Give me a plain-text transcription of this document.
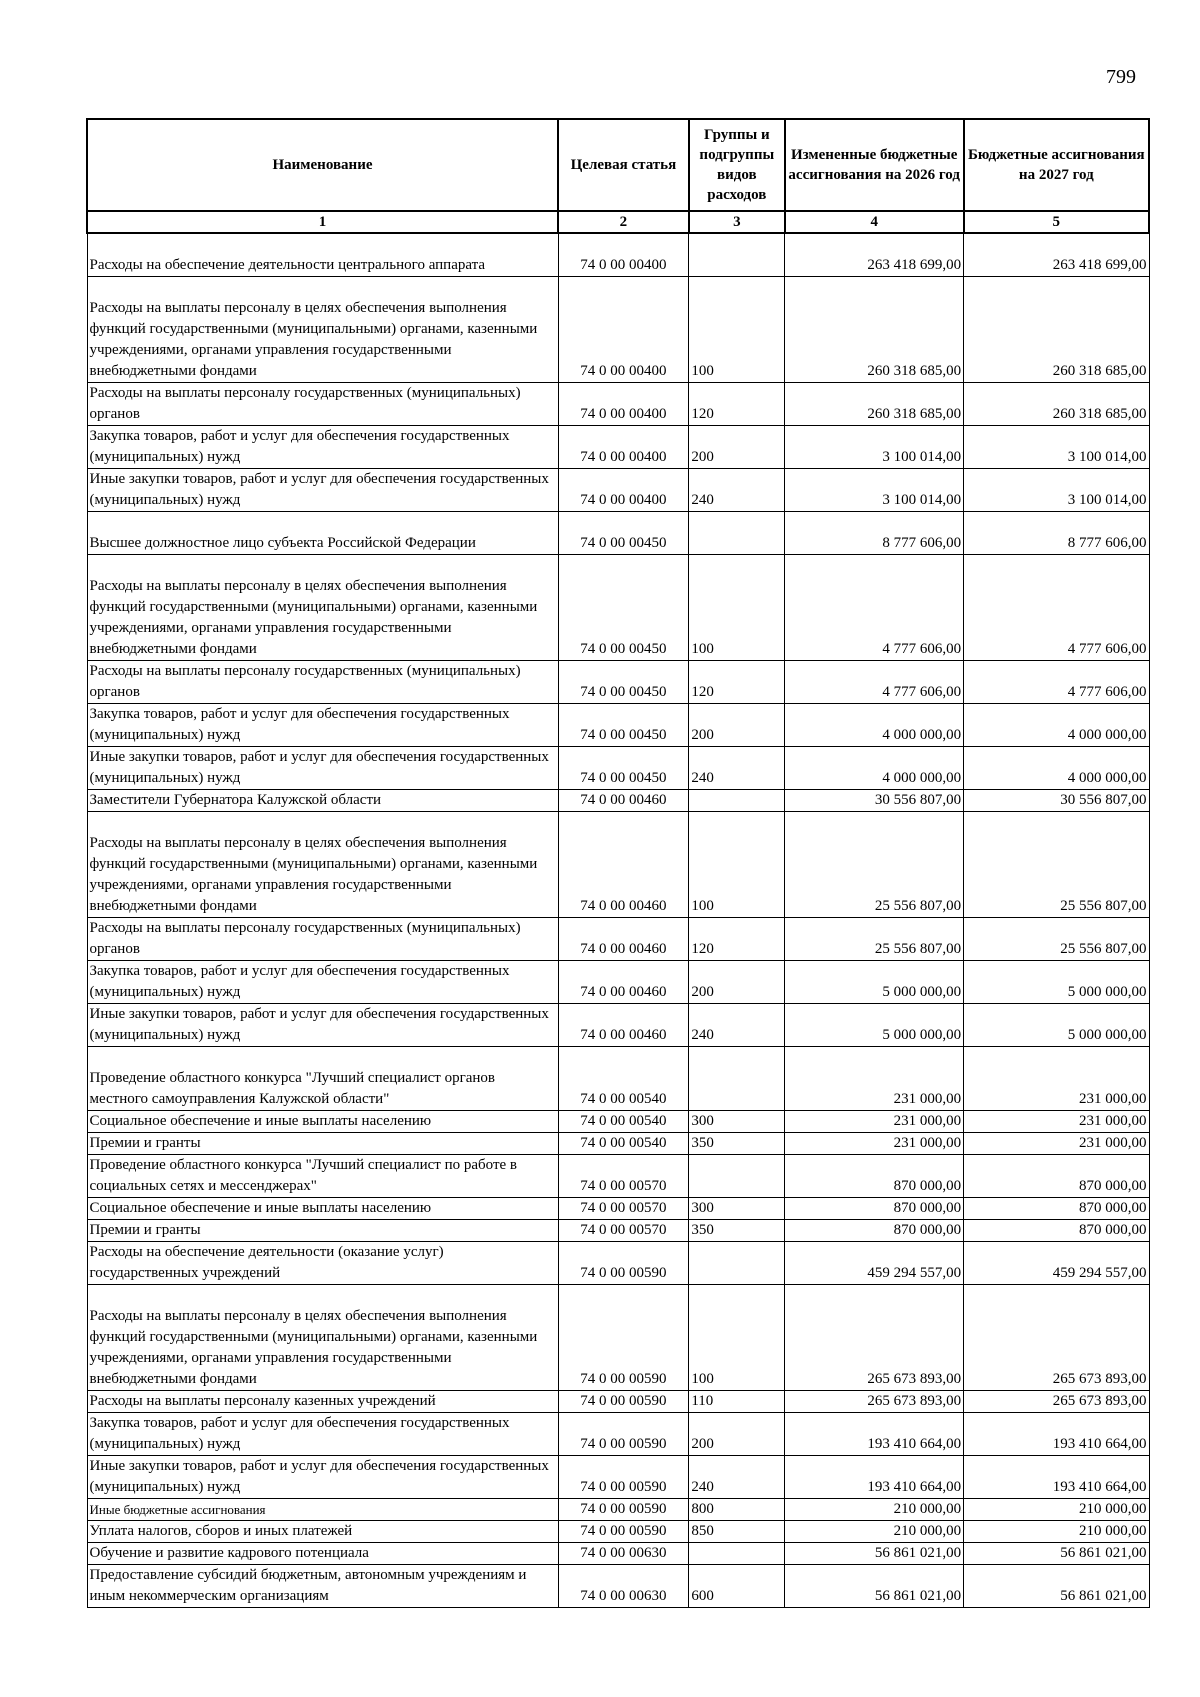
799
Наименование	Целевая статья	Группы и подгруппы видов расходов	Измененные бюджетные ассигнования на 2026 год	Бюджетные ассигнования на 2027 год
1	2	3	4	5
Расходы на обеспечение деятельности центрального аппарата	74 0 00 00400		263 418 699,00	263 418 699,00
Расходы на выплаты персоналу в целях обеспечения выполнения функций государственными (муниципальными) органами, казенными учреждениями, органами управления государственными внебюджетными фондами	74 0 00 00400	100	260 318 685,00	260 318 685,00
Расходы на выплаты персоналу государственных (муниципальных) органов	74 0 00 00400	120	260 318 685,00	260 318 685,00
Закупка товаров, работ и услуг для обеспечения государственных (муниципальных) нужд	74 0 00 00400	200	3 100 014,00	3 100 014,00
Иные закупки товаров, работ и услуг для обеспечения государственных (муниципальных) нужд	74 0 00 00400	240	3 100 014,00	3 100 014,00
Высшее должностное лицо субъекта Российской Федерации	74 0 00 00450		8 777 606,00	8 777 606,00
Расходы на выплаты персоналу в целях обеспечения выполнения функций государственными (муниципальными) органами, казенными учреждениями, органами управления государственными внебюджетными фондами	74 0 00 00450	100	4 777 606,00	4 777 606,00
Расходы на выплаты персоналу государственных (муниципальных) органов	74 0 00 00450	120	4 777 606,00	4 777 606,00
Закупка товаров, работ и услуг для обеспечения государственных (муниципальных) нужд	74 0 00 00450	200	4 000 000,00	4 000 000,00
Иные закупки товаров, работ и услуг для обеспечения государственных (муниципальных) нужд	74 0 00 00450	240	4 000 000,00	4 000 000,00
Заместители Губернатора Калужской области	74 0 00 00460		30 556 807,00	30 556 807,00
Расходы на выплаты персоналу в целях обеспечения выполнения функций государственными (муниципальными) органами, казенными учреждениями, органами управления государственными внебюджетными фондами	74 0 00 00460	100	25 556 807,00	25 556 807,00
Расходы на выплаты персоналу государственных (муниципальных) органов	74 0 00 00460	120	25 556 807,00	25 556 807,00
Закупка товаров, работ и услуг для обеспечения государственных (муниципальных) нужд	74 0 00 00460	200	5 000 000,00	5 000 000,00
Иные закупки товаров, работ и услуг для обеспечения государственных (муниципальных) нужд	74 0 00 00460	240	5 000 000,00	5 000 000,00
Проведение областного конкурса "Лучший специалист органов местного самоуправления Калужской области"	74 0 00 00540		231 000,00	231 000,00
Социальное обеспечение и иные выплаты населению	74 0 00 00540	300	231 000,00	231 000,00
Премии и гранты	74 0 00 00540	350	231 000,00	231 000,00
Проведение областного конкурса "Лучший специалист по работе в социальных сетях и мессенджерах"	74 0 00 00570		870 000,00	870 000,00
Социальное обеспечение и иные выплаты населению	74 0 00 00570	300	870 000,00	870 000,00
Премии и гранты	74 0 00 00570	350	870 000,00	870 000,00
Расходы на обеспечение деятельности (оказание услуг) государственных учреждений	74 0 00 00590		459 294 557,00	459 294 557,00
Расходы на выплаты персоналу в целях обеспечения выполнения функций государственными (муниципальными) органами, казенными учреждениями, органами управления государственными внебюджетными фондами	74 0 00 00590	100	265 673 893,00	265 673 893,00
Расходы на выплаты персоналу казенных учреждений	74 0 00 00590	110	265 673 893,00	265 673 893,00
Закупка товаров, работ и услуг для обеспечения государственных (муниципальных) нужд	74 0 00 00590	200	193 410 664,00	193 410 664,00
Иные закупки товаров, работ и услуг для обеспечения государственных (муниципальных) нужд	74 0 00 00590	240	193 410 664,00	193 410 664,00
Иные бюджетные ассигнования	74 0 00 00590	800	210 000,00	210 000,00
Уплата налогов, сборов и иных платежей	74 0 00 00590	850	210 000,00	210 000,00
Обучение и развитие кадрового потенциала	74 0 00 00630		56 861 021,00	56 861 021,00
Предоставление субсидий бюджетным, автономным учреждениям и иным некоммерческим организациям	74 0 00 00630	600	56 861 021,00	56 861 021,00
